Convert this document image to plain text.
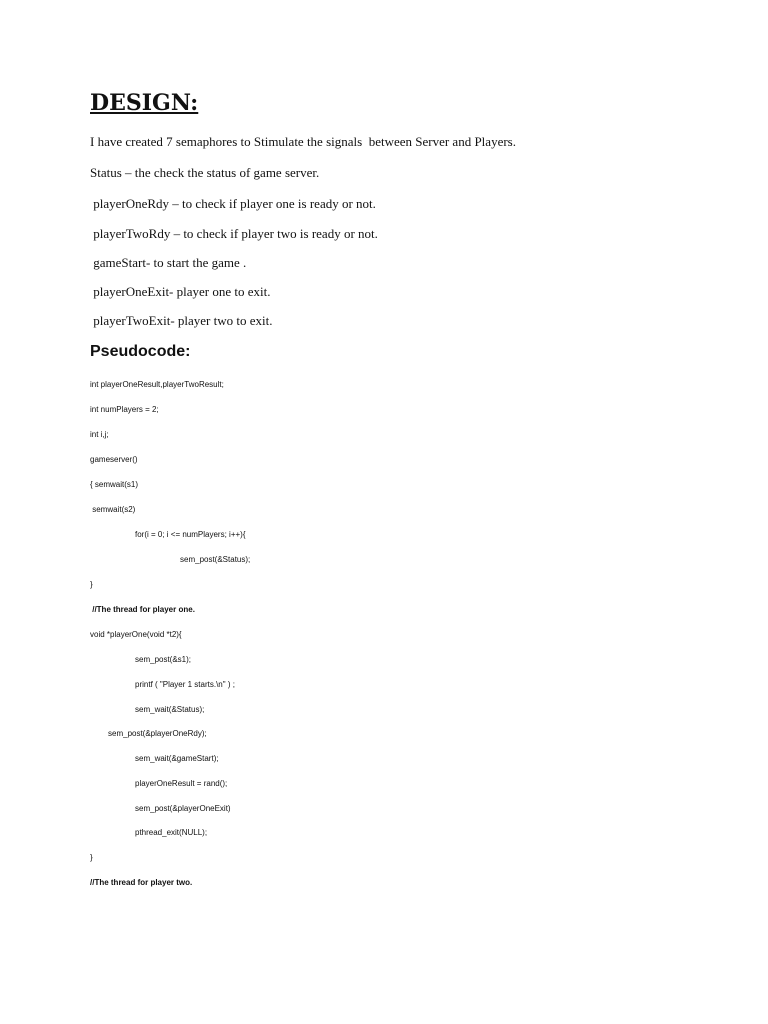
DESIGN:
I have created 7 semaphores to Stimulate the signals  between Server and Players.
Status – the check the status of game server.
playerOneRdy – to check if player one is ready or not.
playerTwoRdy – to check if player two is ready or not.
gameStart- to start the game .
playerOneExit- player one to exit.
playerTwoExit- player two to exit.
Pseudocode:
int playerOneResult,playerTwoResult;
int numPlayers = 2;
int i,j;
gameserver()
{ semwait(s1)
semwait(s2)
for(i = 0; i <= numPlayers; i++){
sem_post(&Status);
}
//The thread for player one.
void *playerOne(void *t2){
sem_post(&s1);
printf ( "Player 1 starts.\n" ) ;
sem_wait(&Status);
sem_post(&playerOneRdy);
sem_wait(&gameStart);
playerOneResult = rand();
sem_post(&playerOneExit)
pthread_exit(NULL);
}
//The thread for player two.
